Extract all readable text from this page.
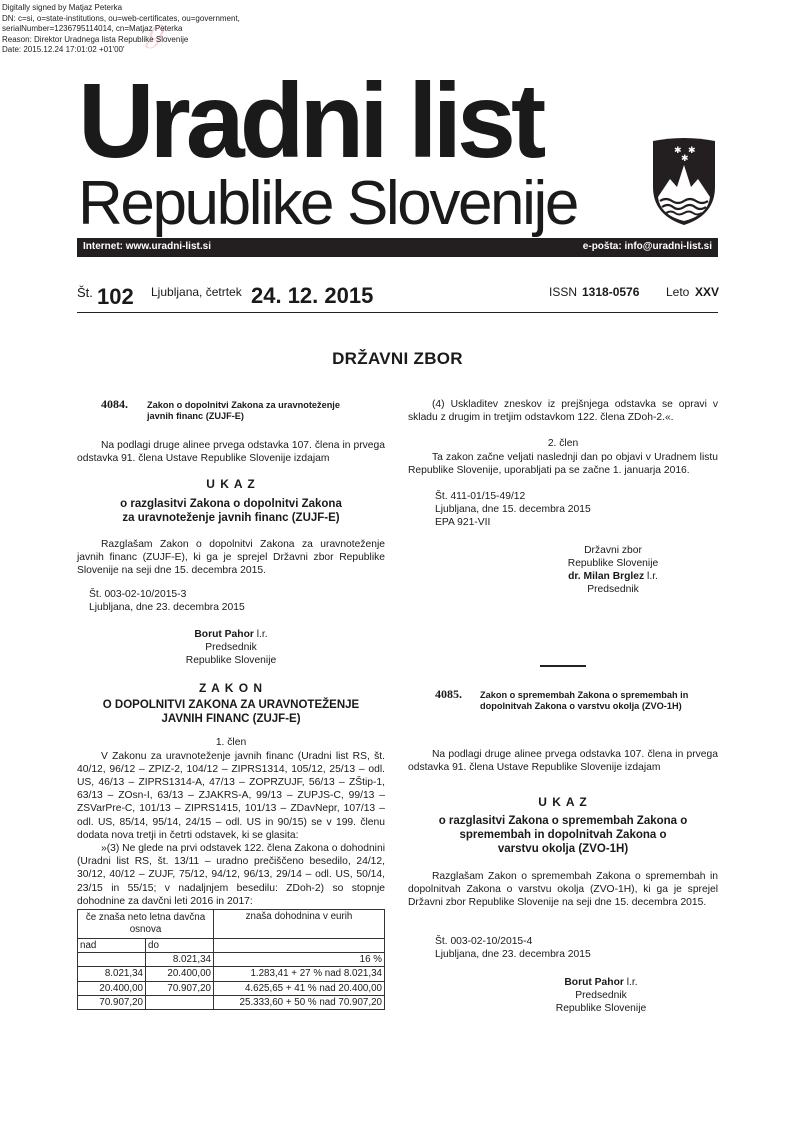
ℊ
Digitally signed by Matjaz Peterka
DN: c=si, o=state-institutions, ou=web-certificates, ou=government,
serialNumber=1236795114014, cn=Matjaz Peterka
Reason: Direktor Uradnega lista Republike Slovenije
Date: 2015.12.24 17:01:02 +01'00'
Uradni list
Republike Slovenije
✱ ✱
✱
Internet: www.uradni-list.si	e-pošta: info@uradni-list.si
Št. 102 Ljubljana, četrtek 24. 12. 2015	ISSN 1318-0576 Leto XXV
DRŽAVNI ZBOR
4084. Zakon o dopolnitvi Zakona za uravnoteženje javnih financ (ZUJF-E)
Na podlagi druge alinee prvega odstavka 107. člena in prvega odstavka 91. člena Ustave Republike Slovenije izdajam
U K A Z
o razglasitvi Zakona o dopolnitvi Zakona za uravnoteženje javnih financ (ZUJF-E)
Razglašam Zakon o dopolnitvi Zakona za uravnoteženje javnih financ (ZUJF-E), ki ga je sprejel Državni zbor Republike Slovenije na seji dne 15. decembra 2015.
Št. 003-02-10/2015-3
Ljubljana, dne 23. decembra 2015
Borut Pahor l.r.
Predsednik
Republike Slovenije
Z A K O N
O DOPOLNITVI ZAKONA ZA URAVNOTEŽENJE JAVNIH FINANC (ZUJF-E)
1. člen
V Zakonu za uravnoteženje javnih financ (Uradni list RS, št. 40/12, 96/12 – ZPIZ-2, 104/12 – ZIPRS1314, 105/12, 25/13 – odl. US, 46/13 – ZIPRS1314-A, 47/13 – ZOPRZUJF, 56/13 – ZŠtip-1, 63/13 – ZOsn-I, 63/13 – ZJAKRS-A, 99/13 – ZUPJS-C, 99/13 – ZSVarPre-C, 101/13 – ZIPRS1415, 101/13 – ZDavNepr, 107/13 – odl. US, 85/14, 95/14, 24/15 – odl. US in 90/15) se v 199. členu dodata nova tretji in četrti odstavek, ki se glasita:
»(3) Ne glede na prvi odstavek 122. člena Zakona o dohodnini (Uradni list RS, št. 13/11 – uradno prečiščeno besedilo, 24/12, 30/12, 40/12 – ZUJF, 75/12, 94/12, 96/13, 29/14 – odl. US, 50/14, 23/15 in 55/15; v nadaljnjem besedilu: ZDoh-2) so stopnje dohodnine za davčni leti 2016 in 2017:
če znaša neto letna davčna osnova		znaša dohodnina v eurih
nad	do	
	8.021,34	16 %
8.021,34	20.400,00	1.283,41 + 27 % nad 8.021,34
20.400,00	70.907,20	4.625,65 + 41 % nad 20.400,00
70.907,20		25.333,60 + 50 % nad 70.907,20
(4) Uskladitev zneskov iz prejšnjega odstavka se opravi v skladu z drugim in tretjim odstavkom 122. člena ZDoh-2.«.
2. člen
Ta zakon začne veljati naslednji dan po objavi v Uradnem listu Republike Slovenije, uporabljati pa se začne 1. januarja 2016.
Št. 411-01/15-49/12
Ljubljana, dne 15. decembra 2015
EPA 921-VII
Državni zbor
Republike Slovenije
dr. Milan Brglez l.r.
Predsednik
4085. Zakon o spremembah Zakona o spremembah in dopolnitvah Zakona o varstvu okolja (ZVO-1H)
Na podlagi druge alinee prvega odstavka 107. člena in prvega odstavka 91. člena Ustave Republike Slovenije izdajam
U K A Z
o razglasitvi Zakona o spremembah Zakona o spremembah in dopolnitvah Zakona o varstvu okolja (ZVO-1H)
Razglašam Zakon o spremembah Zakona o spremembah in dopolnitvah Zakona o varstvu okolja (ZVO-1H), ki ga je sprejel Državni zbor Republike Slovenije na seji dne 15. decembra 2015.
Št. 003-02-10/2015-4
Ljubljana, dne 23. decembra 2015
Borut Pahor l.r.
Predsednik
Republike Slovenije
